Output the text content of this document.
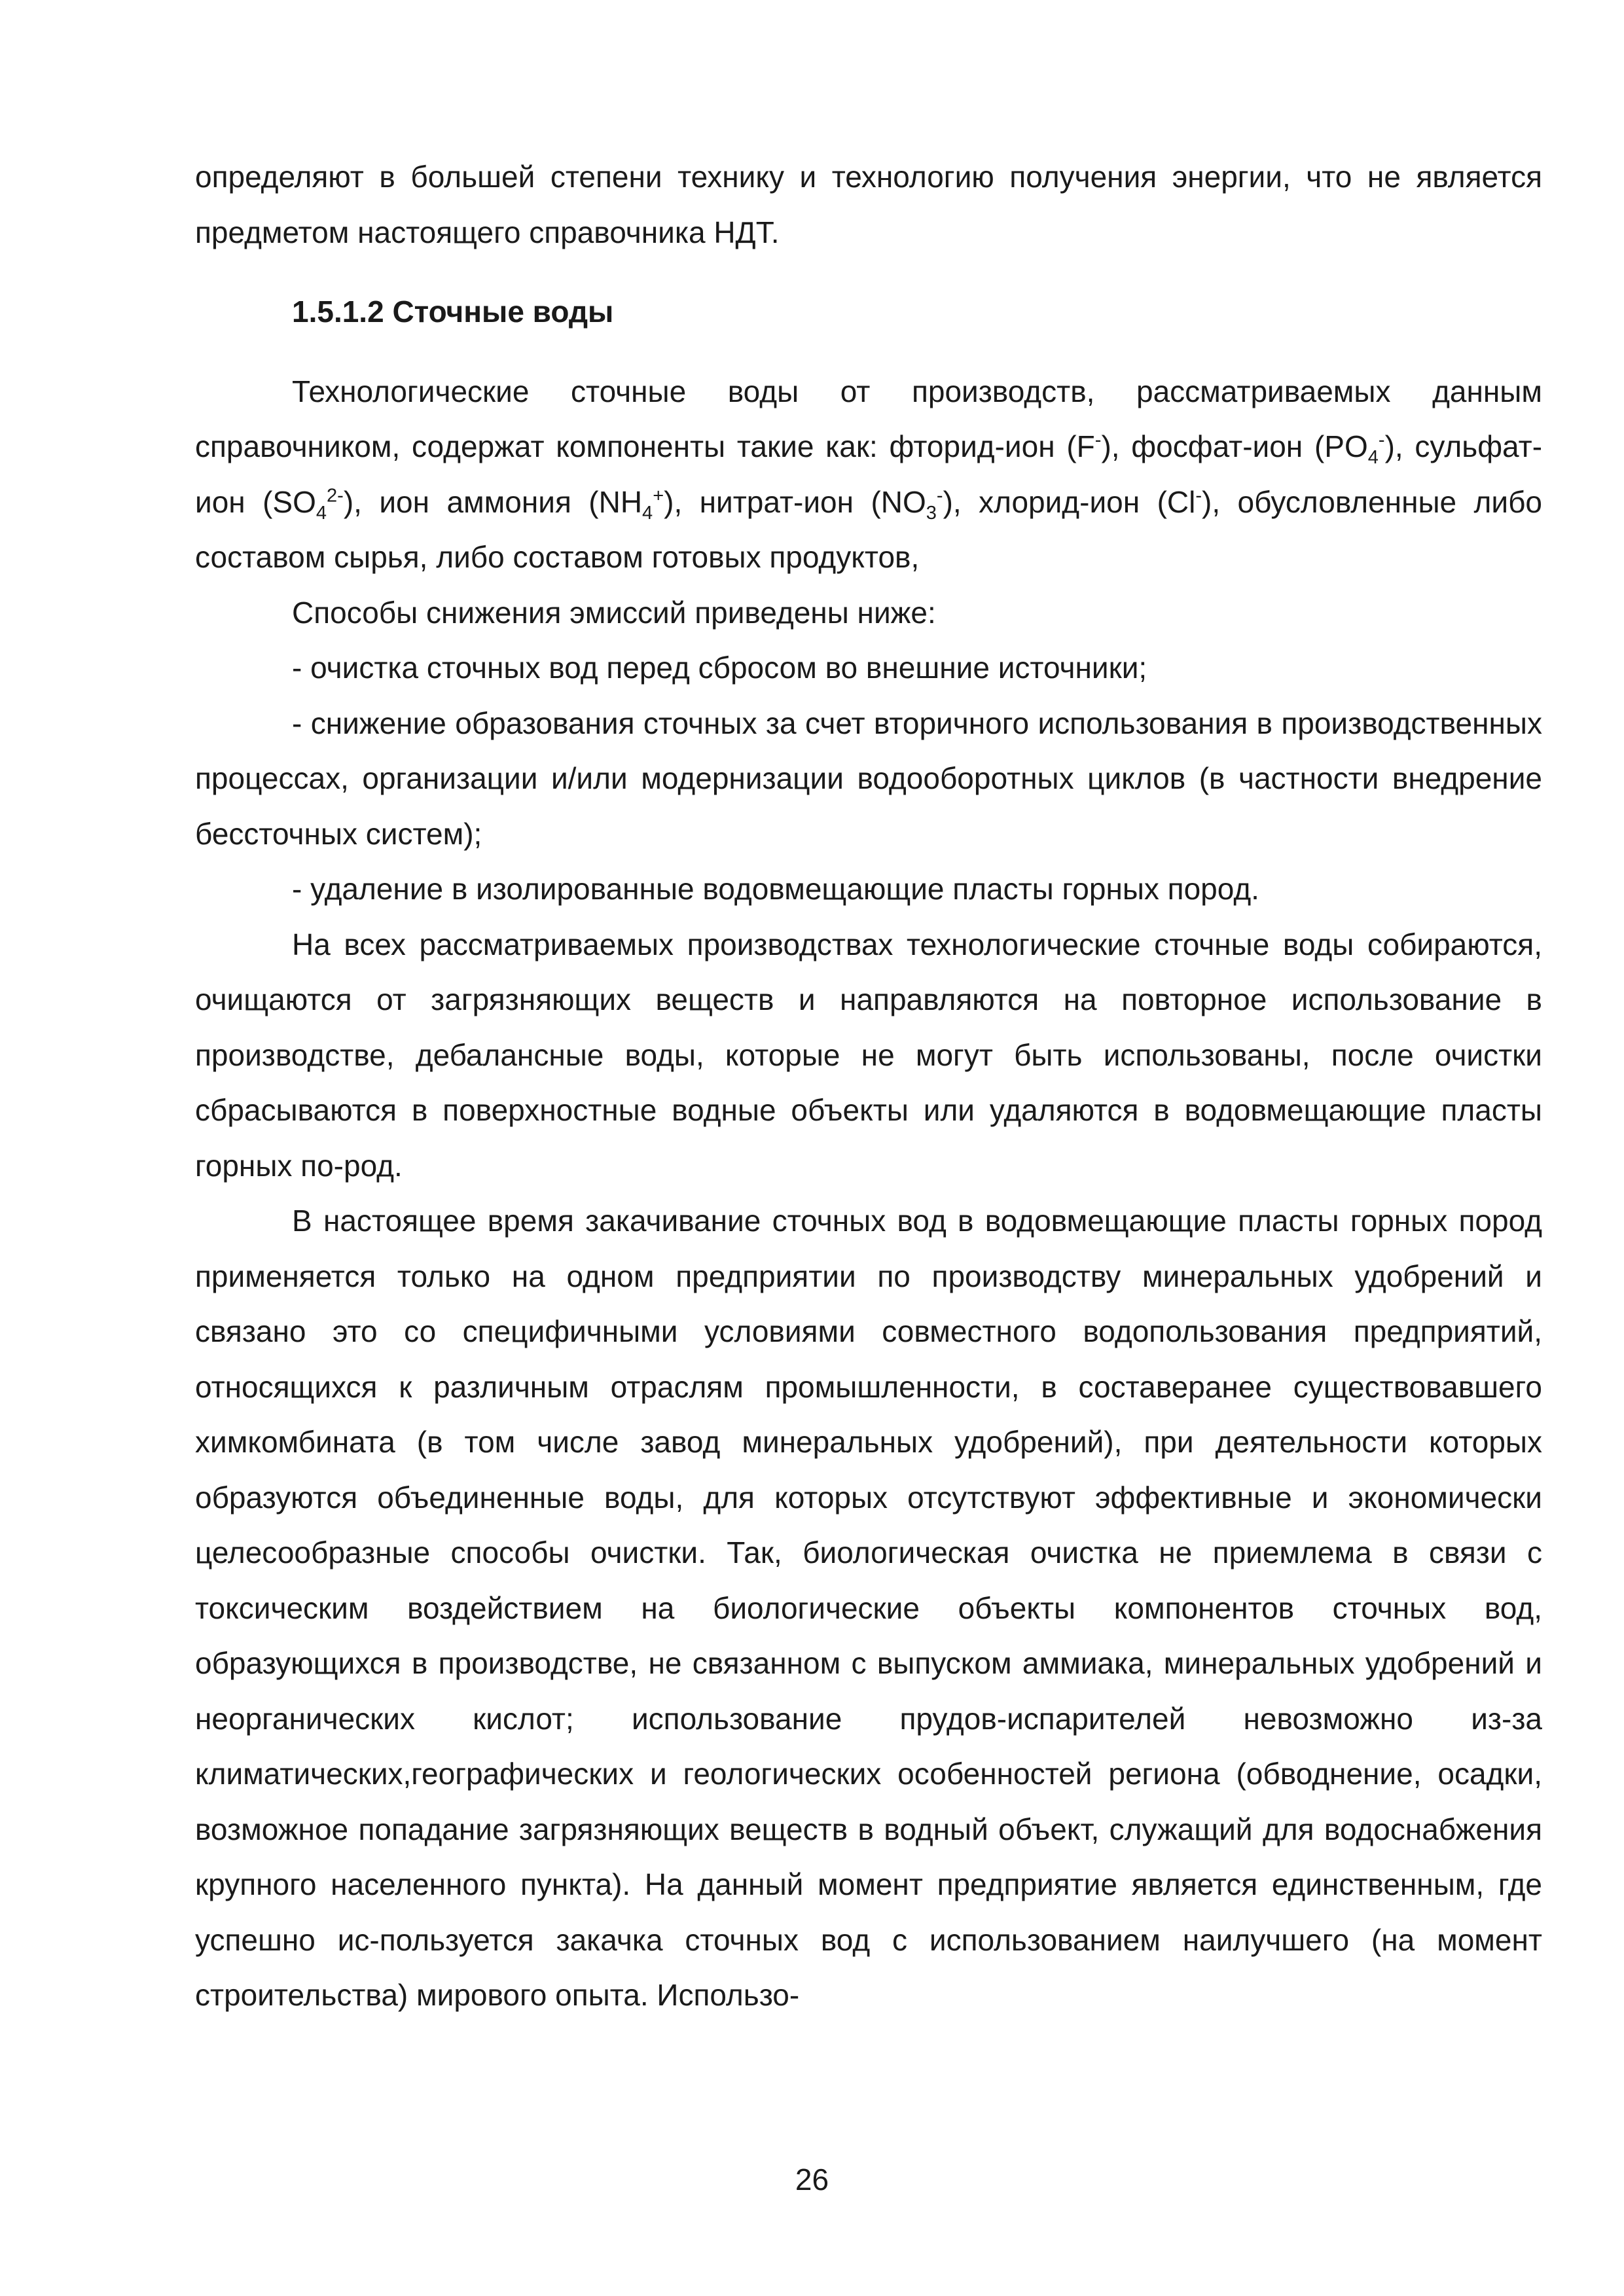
определяют в большей степени технику и технологию получения энергии, что не является предметом настоящего справочника НДТ.

1.5.1.2 Сточные воды

Технологические сточные воды от производств, рассматриваемых данным справочником, содержат компоненты такие как: фторид-ион (F-), фосфат-ион $(PO_4^-)$, сульфат-ион $(SO_4^{2-})$, ион аммония $(NH_4^+)$, нитрат-ион $(NO_3^-)$, хлорид-ион (Cl-), обусловленные либо составом сырья, либо составом готовых продуктов,

Способы снижения эмиссий приведены ниже:

- очистка сточных вод перед сбросом во внешние источники;

- снижение образования сточных за счет вторичного использования в производственных процессах, организации и/или модернизации водооборотных циклов (в частности внедрение бессточных систем);

- удаление в изолированные водовмещающие пласты горных пород.

На всех рассматриваемых производствах технологические сточные воды собираются, очищаются от загрязняющих веществ и направляются на повторное использование в производстве, дебалансные воды, которые не могут быть использованы, после очистки сбрасываются в поверхностные водные объекты или удаляются в водовмещающие пласты горных по-род.

В настоящее время закачивание сточных вод в водовмещающие пласты горных пород применяется только на одном предприятии по производству минеральных удобрений и связано это со специфичными условиями совместного водопользования предприятий, относящихся к различным отраслям промышленности, в составеранее существовавшего химкомбината (в том числе завод минеральных удобрений), при деятельности которых образуются объединенные воды, для которых отсутствуют эффективные и экономически целесообразные способы очистки. Так, биологическая очистка не приемлема в связи с токсическим воздействием на биологические объекты компонентов сточных вод, образующихся в производстве, не связанном с выпуском аммиака, минеральных удобрений и неорганических кислот; использование прудов-испарителей невозможно из-за климатических,географических и геологических особенностей региона (обводнение, осадки, возможное попадание загрязняющих веществ в водный объект, служащий для водоснабжения крупного населенного пункта). На данный момент предприятие является единственным, где успешно ис-пользуется закачка сточных вод с использованием наилучшего (на момент строительства) мирового опыта. Использо-

26
